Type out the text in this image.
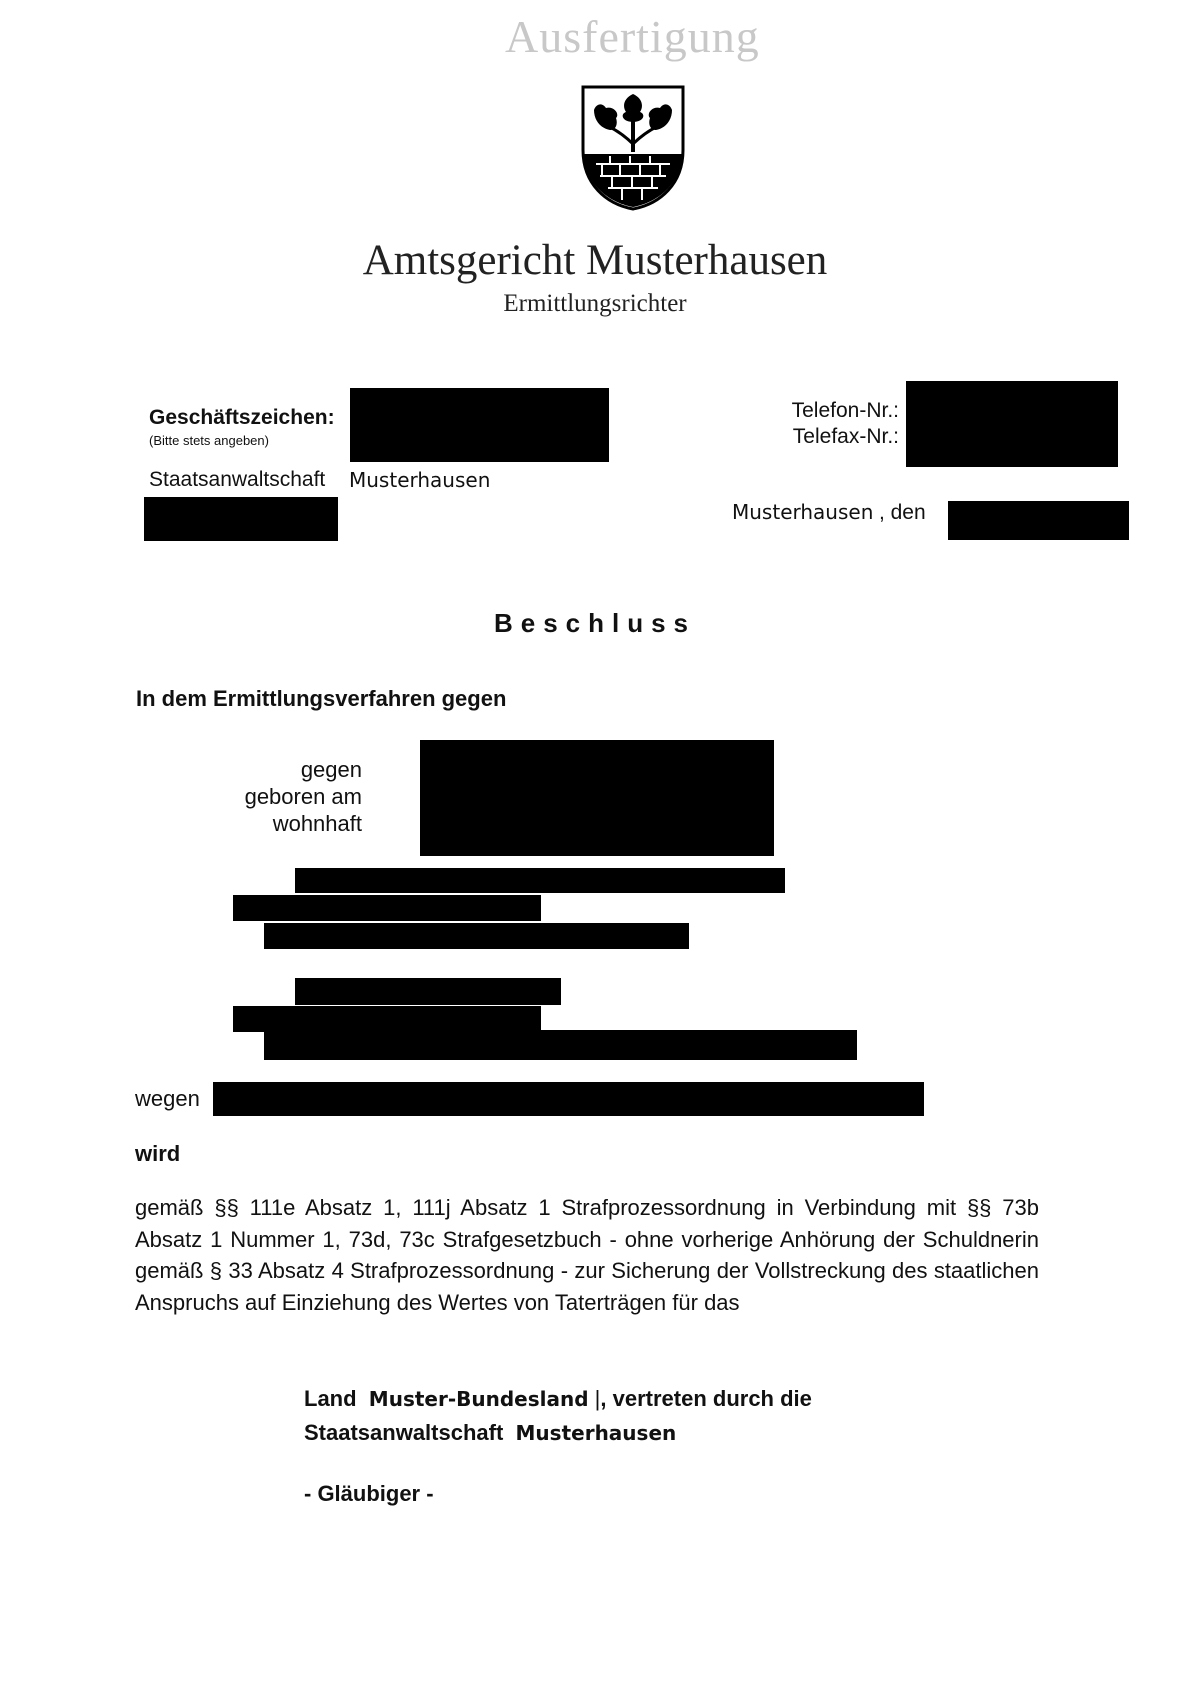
Ausfertigung
Amtsgericht Musterhausen
Ermittlungsrichter
Geschäftszeichen:
(Bitte stets angeben)
Telefon-Nr.:
Telefax-Nr.:
Staatsanwaltschaft Musterhausen
Musterhausen , den
Beschluss
In dem Ermittlungsverfahren gegen
gegen
geboren am
wohnhaft
wegen
wird
gemäß §§ 111e Absatz 1, 111j Absatz 1 Strafprozessordnung in Verbindung mit §§ 73b Absatz 1 Nummer 1, 73d, 73c Strafgesetzbuch - ohne vorherige Anhörung der Schuldnerin gemäß § 33 Absatz 4 Strafprozessordnung - zur Sicherung der Vollstreckung des staatlichen Anspruchs auf Einziehung des Wertes von Taterträgen für das
Land Muster-Bundesland |, vertreten durch die
Staatsanwaltschaft Musterhausen
- Gläubiger -
